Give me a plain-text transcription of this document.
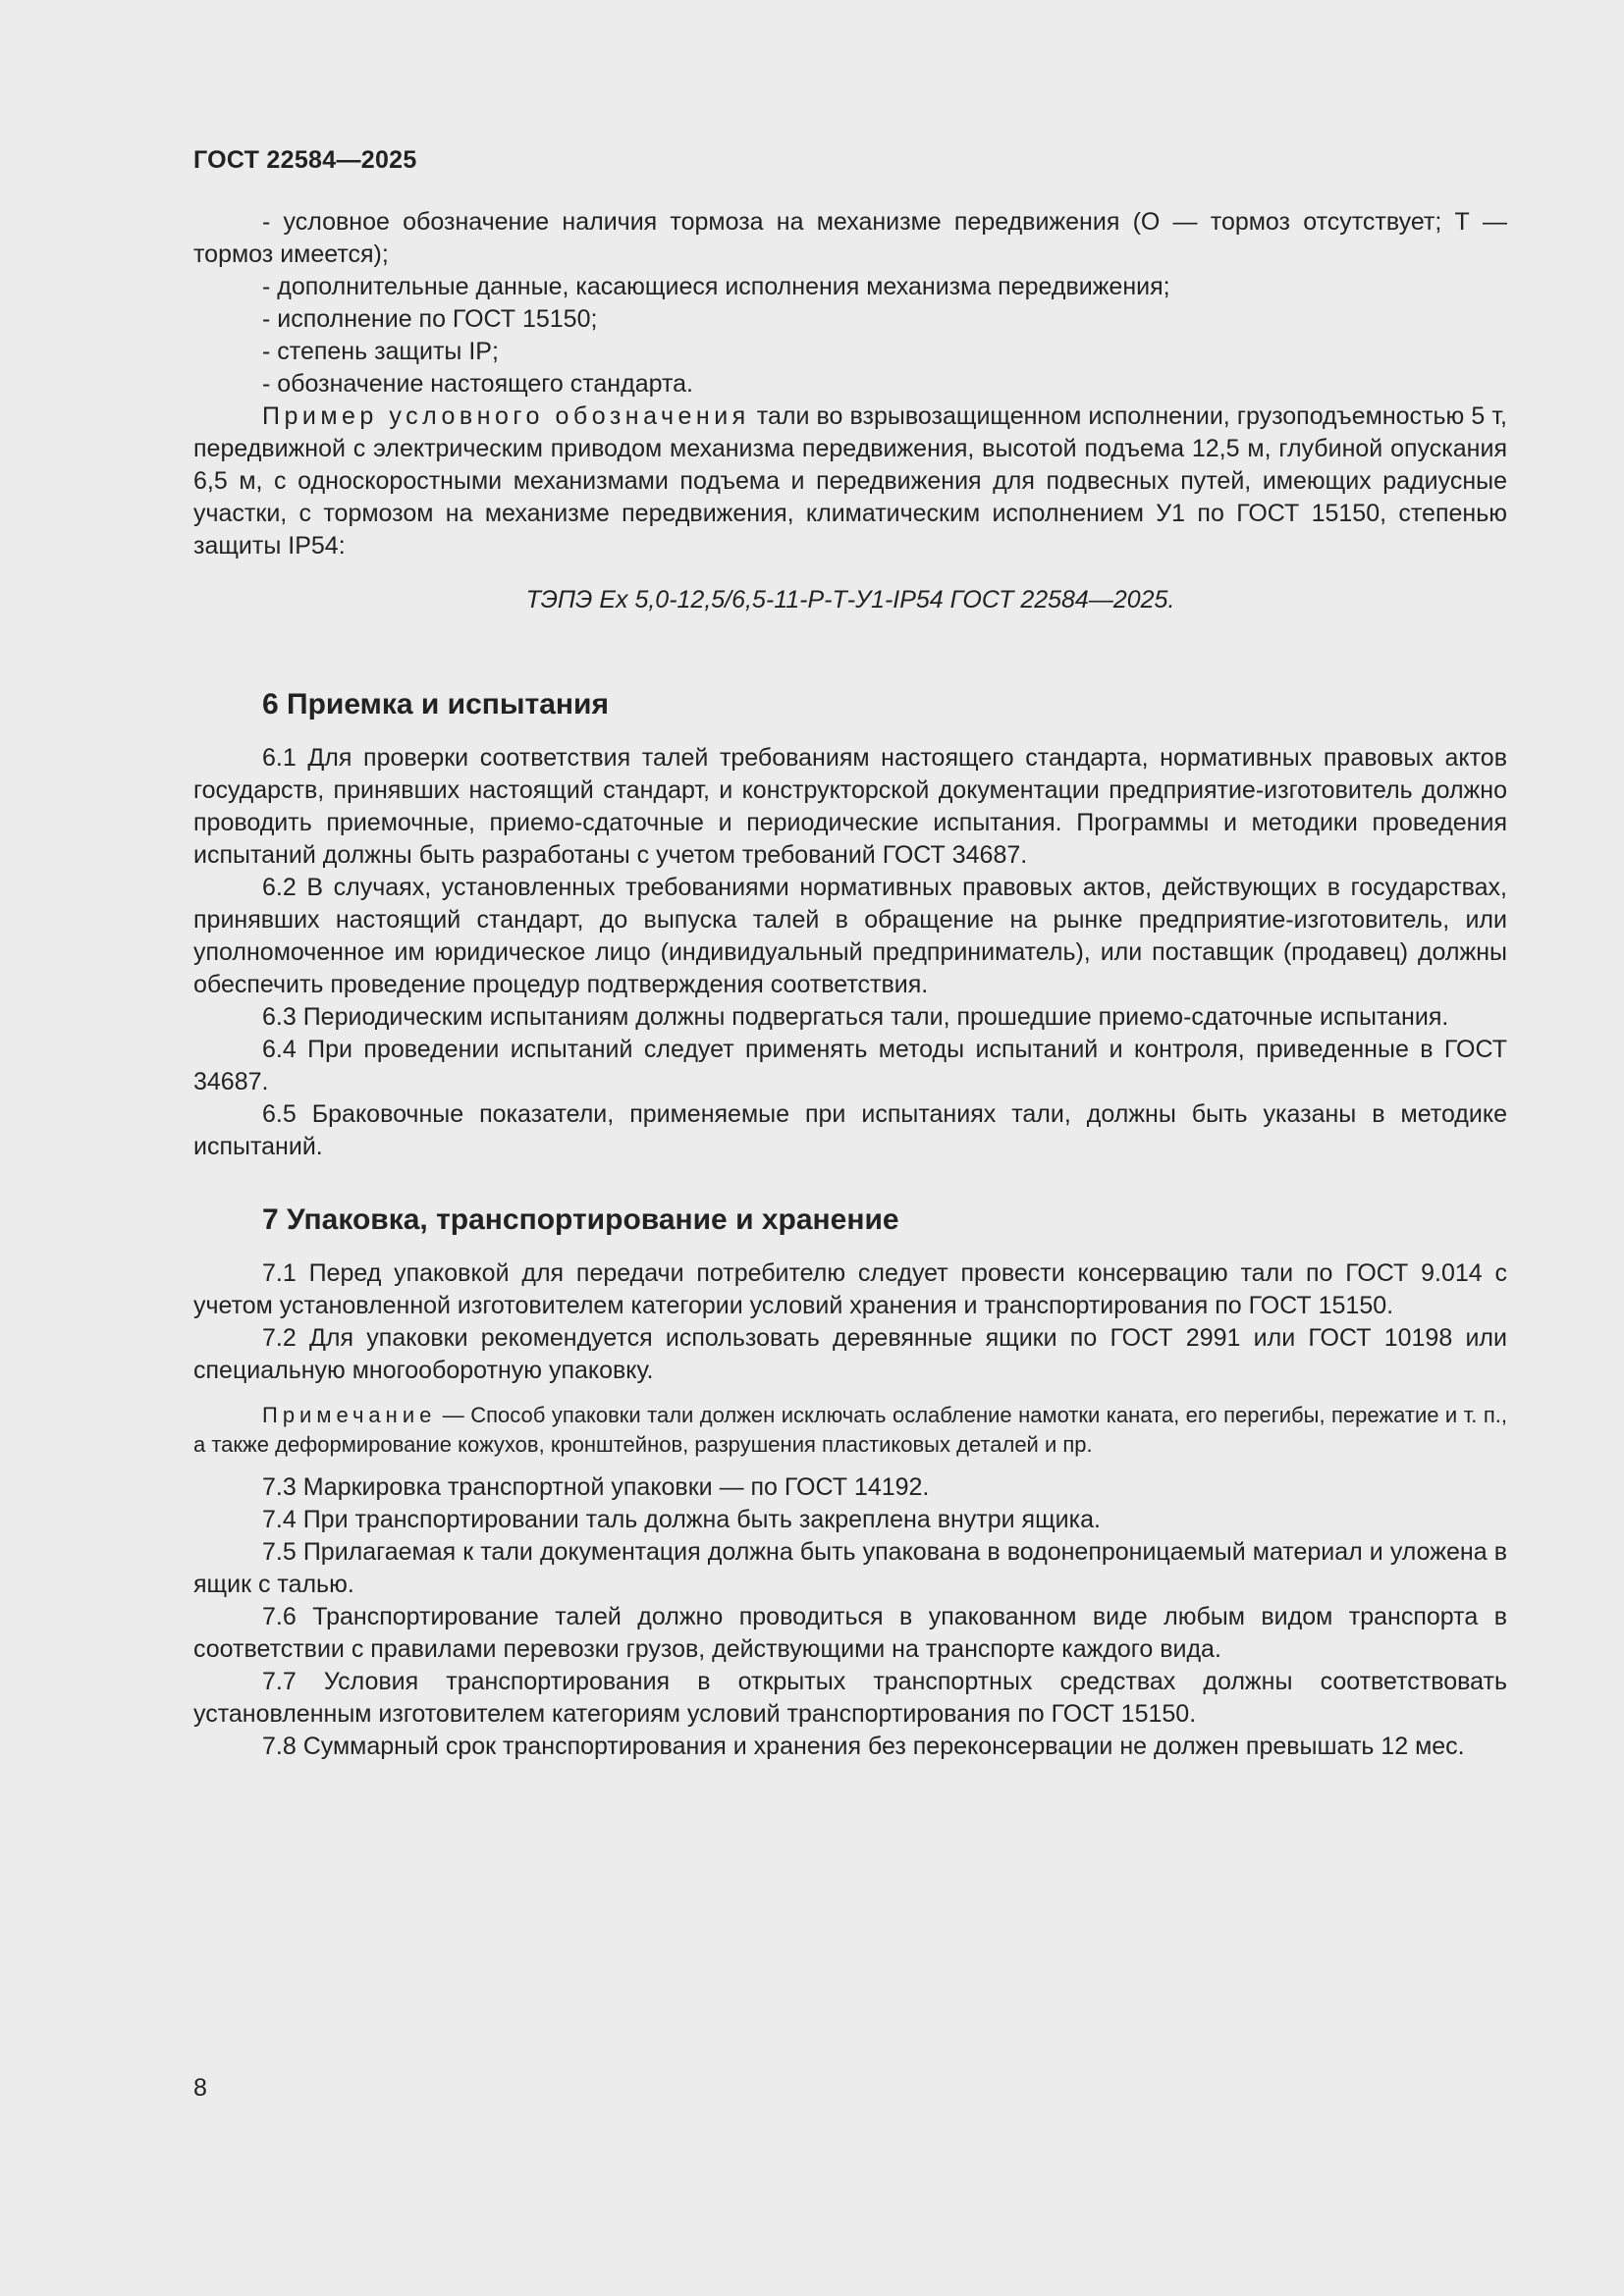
ГОСТ 22584—2025

- условное обозначение наличия тормоза на механизме передвижения (О — тормоз отсутствует; Т — тормоз имеется);

- дополнительные данные, касающиеся исполнения механизма передвижения;

- исполнение по ГОСТ 15150;

- степень защиты IP;

- обозначение настоящего стандарта.

Пример условного обозначения тали во взрывозащищенном исполнении, грузоподъемностью 5 т, передвижной с электрическим приводом механизма передвижения, высотой подъема 12,5 м, глубиной опускания 6,5 м, с односкоростными механизмами подъема и передвижения для подвесных путей, имеющих радиусные участки, с тормозом на механизме передвижения, климатическим исполнением У1 по ГОСТ 15150, степенью защиты IP54:

ТЭПЭ Ex 5,0-12,5/6,5-11-Р-Т-У1-IP54 ГОСТ 22584—2025.

6 Приемка и испытания

6.1 Для проверки соответствия талей требованиям настоящего стандарта, нормативных правовых актов государств, принявших настоящий стандарт, и конструкторской документации предприятие-изготовитель должно проводить приемочные, приемо-сдаточные и периодические испытания. Программы и методики проведения испытаний должны быть разработаны с учетом требований ГОСТ 34687.

6.2 В случаях, установленных требованиями нормативных правовых актов, действующих в государствах, принявших настоящий стандарт, до выпуска талей в обращение на рынке предприятие-изготовитель, или уполномоченное им юридическое лицо (индивидуальный предприниматель), или поставщик (продавец) должны обеспечить проведение процедур подтверждения соответствия.

6.3 Периодическим испытаниям должны подвергаться тали, прошедшие приемо-сдаточные испытания.

6.4 При проведении испытаний следует применять методы испытаний и контроля, приведенные в ГОСТ 34687.

6.5 Браковочные показатели, применяемые при испытаниях тали, должны быть указаны в методике испытаний.

7 Упаковка, транспортирование и хранение

7.1 Перед упаковкой для передачи потребителю следует провести консервацию тали по ГОСТ 9.014 с учетом установленной изготовителем категории условий хранения и транспортирования по ГОСТ 15150.

7.2 Для упаковки рекомендуется использовать деревянные ящики по ГОСТ 2991 или ГОСТ 10198 или специальную многооборотную упаковку.

Примечание — Способ упаковки тали должен исключать ослабление намотки каната, его перегибы, пережатие и т. п., а также деформирование кожухов, кронштейнов, разрушения пластиковых деталей и пр.

7.3 Маркировка транспортной упаковки — по ГОСТ 14192.

7.4 При транспортировании таль должна быть закреплена внутри ящика.

7.5 Прилагаемая к тали документация должна быть упакована в водонепроницаемый материал и уложена в ящик с талью.

7.6 Транспортирование талей должно проводиться в упакованном виде любым видом транспорта в соответствии с правилами перевозки грузов, действующими на транспорте каждого вида.

7.7 Условия транспортирования в открытых транспортных средствах должны соответствовать установленным изготовителем категориям условий транспортирования по ГОСТ 15150.

7.8 Суммарный срок транспортирования и хранения без переконсервации не должен превышать 12 мес.

8
